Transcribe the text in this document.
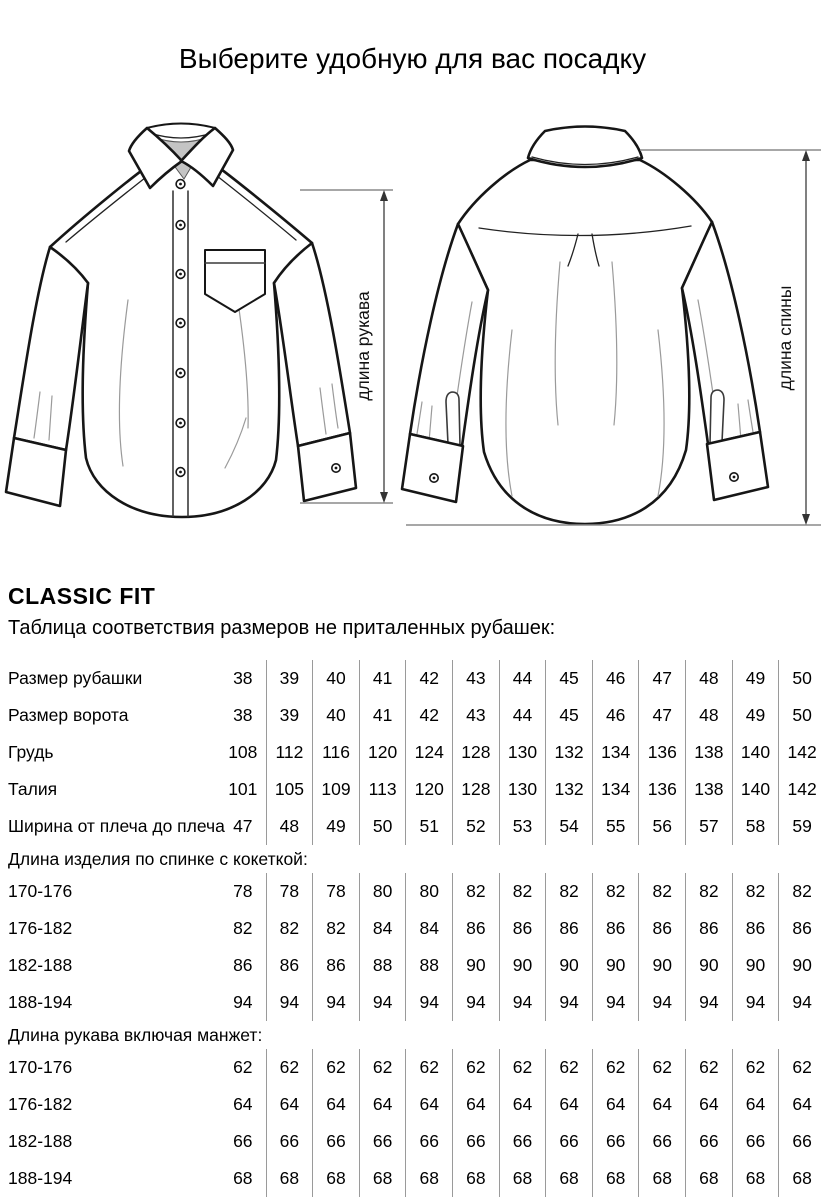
Выберите удобную для вас посадку
длина рукава	длина спины
CLASSIC FIT
Таблица соответствия размеров не приталенных рубашек:
Размер рубашки	38	39	40	41	42	43	44	45	46	47	48	49	50
Размер ворота	38	39	40	41	42	43	44	45	46	47	48	49	50
Грудь	108	112	116	120 124 128 130 132 134 136 138 140 142
Талия	101 105 109	113	120 128 130 132 134 136 138 140 142
Ширина от плеча до плеча 47	48	49	50	51	52	53	54	55	56	57	58	59
Длина изделия по спинке с кокеткой:
170-176	78	78	78	80	80	82	82	82	82	82	82	82	82
176-182	82	82	82	84	84	86	86	86	86	86	86	86	86
182-188	86	86	86	88	88	90	90	90	90	90	90	90	90
188-194	94	94	94	94	94	94	94	94	94	94	94	94	94
Длина рукава включая манжет:
170-176	62	62	62	62	62	62	62	62	62	62	62	62	62
176-182	64	64	64	64	64	64	64	64	64	64	64	64	64
182-188	66	66	66	66	66	66	66	66	66	66	66	66	66
188-194	68	68	68	68	68	68	68	68	68	68	68	68	68
